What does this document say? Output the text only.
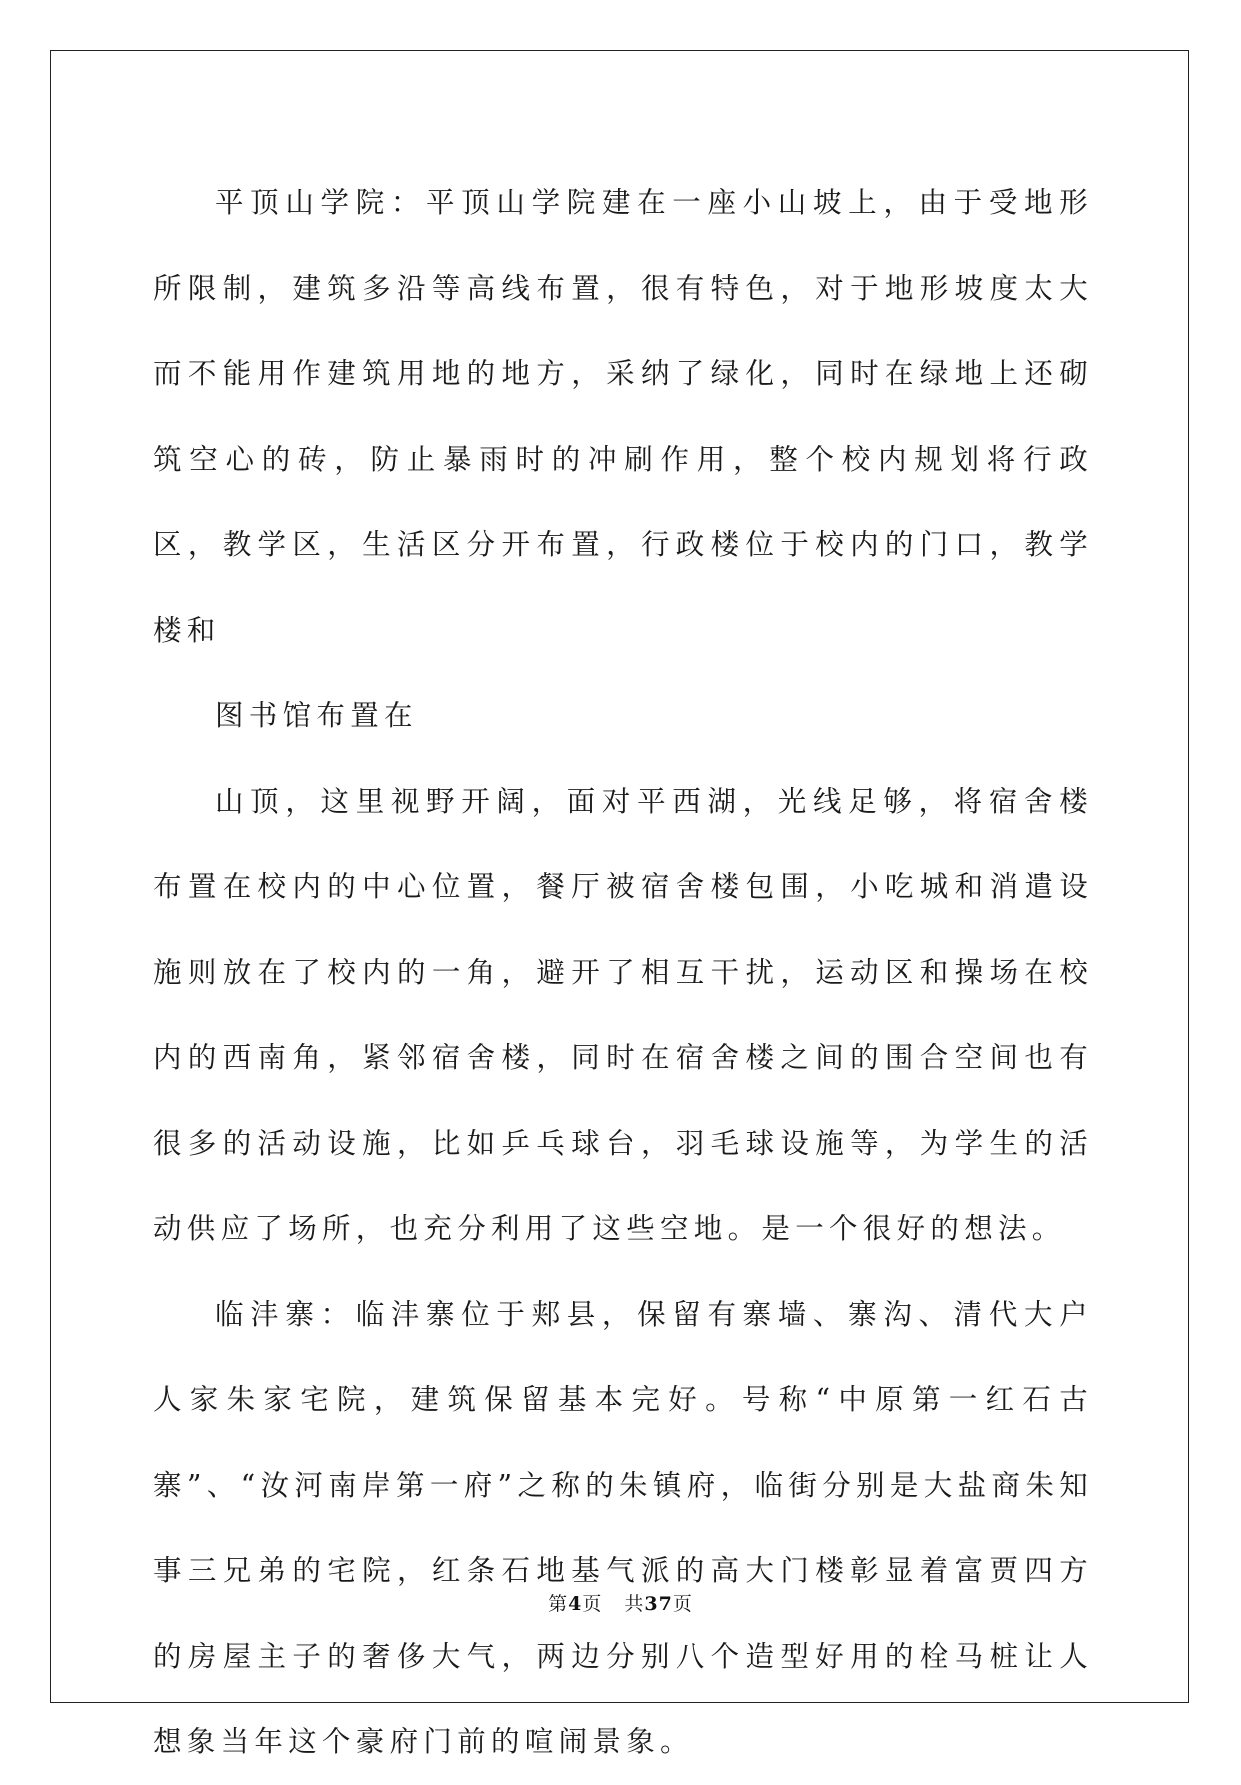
平顶山学院：平顶山学院建在一座小山坡上，由于受地形所限制，建筑多沿等高线布置，很有特色，对于地形坡度太大而不能用作建筑用地的地方，采纳了绿化，同时在绿地上还砌筑空心的砖，防止暴雨时的冲刷作用，整个校内规划将行政区，教学区，生活区分开布置，行政楼位于校内的门口，教学楼和

图书馆布置在

山顶，这里视野开阔，面对平西湖，光线足够，将宿舍楼布置在校内的中心位置，餐厅被宿舍楼包围，小吃城和消遣设施则放在了校内的一角，避开了相互干扰，运动区和操场在校内的西南角，紧邻宿舍楼，同时在宿舍楼之间的围合空间也有很多的活动设施，比如乒乓球台，羽毛球设施等，为学生的活动供应了场所，也充分利用了这些空地。是一个很好的想法。

临沣寨：临沣寨位于郏县，保留有寨墙、寨沟、清代大户人家朱家宅院，建筑保留基本完好。号称“中原第一红石古寨”、“汝河南岸第一府”之称的朱镇府，临街分别是大盐商朱知事三兄弟的宅院，红条石地基气派的高大门楼彰显着富贾四方的房屋主子的奢侈大气，两边分别八个造型好用的栓马桩让人想象当年这个豪府门前的喧闹景象。

第4页 共37页
